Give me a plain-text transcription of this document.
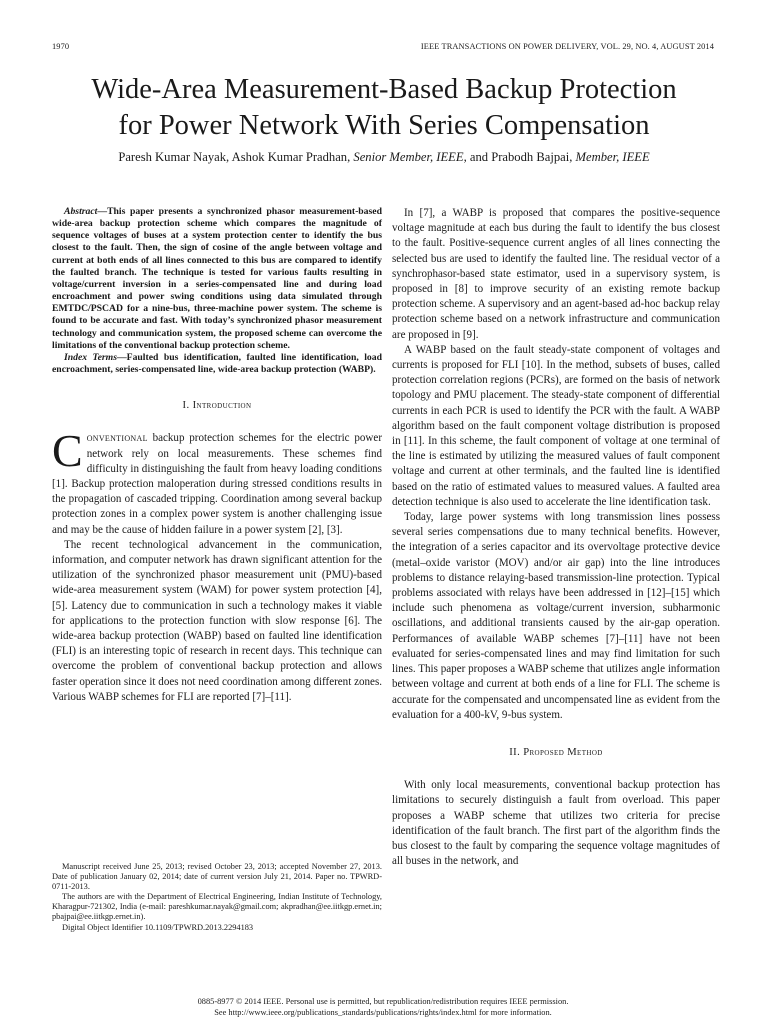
1970	IEEE TRANSACTIONS ON POWER DELIVERY, VOL. 29, NO. 4, AUGUST 2014
Wide-Area Measurement-Based Backup Protection
for Power Network With Series Compensation
Paresh Kumar Nayak, Ashok Kumar Pradhan, Senior Member, IEEE, and Prabodh Bajpai, Member, IEEE

Abstract—This paper presents a synchronized phasor measurement-based wide-area backup protection scheme which compares the magnitude of sequence voltages of buses at a system protection center to identify the bus closest to the fault. Then, the sign of cosine of the angle between voltage and current at both ends of all lines connected to this bus are compared to identify the faulted branch. The technique is tested for various faults resulting in voltage/current inversion in a series-compensated line and during load encroachment and power swing conditions using data simulated through EMTDC/PSCAD for a nine-bus, three-machine power system. The scheme is found to be accurate and fast. With today’s synchronized phasor measurement technology and communication system, the proposed scheme can overcome the limitations of the conventional backup protection scheme.

Index Terms—Faulted bus identification, faulted line identification, load encroachment, series-compensated line, wide-area backup protection (WABP).

I. Introduction

Conventional backup protection schemes for the electric power network rely on local measurements. These schemes find difficulty in distinguishing the fault from heavy loading conditions [1]. Backup protection maloperation during stressed conditions results in the propagation of cascaded tripping. Coordination among several backup protection zones in a complex power system is another challenging issue and may be the cause of hidden failure in a power system [2], [3].

The recent technological advancement in the communication, information, and computer network has drawn significant attention for the utilization of the synchronized phasor measurement unit (PMU)-based wide-area measurement system (WAM) for power system protection [4], [5]. Latency due to communication in such a technology makes it viable for applications to the protection function with slow response [6]. The wide-area backup protection (WABP) based on faulted line identification (FLI) is an interesting topic of research in recent days. This technique can overcome the problem of conventional backup protection and allows faster operation since it does not need coordination among different zones. Various WABP schemes for FLI are reported [7]–[11].

In [7], a WABP is proposed that compares the positive-sequence voltage magnitude at each bus during the fault to identify the bus closest to the fault. Positive-sequence current angles of all lines connecting the selected bus are used to identify the faulted line. The residual vector of a synchrophasor-based state estimator, used in a supervisory system, is proposed in [8] to improve security of an existing remote backup protection scheme. A supervisory and an agent-based ad-hoc backup relay protection scheme based on a network infrastructure and communication are proposed in [9].

A WABP based on the fault steady-state component of voltages and currents is proposed for FLI [10]. In the method, subsets of buses, called protection correlation regions (PCRs), are formed on the basis of network topology and PMU placement. The steady-state component of differential currents in each PCR is used to identify the PCR with the fault. A WABP algorithm based on the fault component voltage distribution is proposed in [11]. In this scheme, the fault component of voltage at one terminal of the line is estimated by utilizing the measured values of fault component voltage and current at other terminals, and the faulted line is identified based on the ratio of estimated values to measured values. A faulted area detection technique is also used to accelerate the line identification task.

Today, large power systems with long transmission lines possess several series compensations due to many technical benefits. However, the integration of a series capacitor and its overvoltage protective device (metal–oxide varistor (MOV) and/or air gap) into the line introduces problems to distance relaying-based transmission-line protection. Typical problems associated with relays have been addressed in [12]–[15] which include such phenomena as voltage/current inversion, subharmonic oscillations, and additional transients caused by the air-gap operation. Performances of available WABP schemes [7]–[11] have not been evaluated for series-compensated lines and may find limitation for such lines. This paper proposes a WABP scheme that utilizes angle information between voltage and current at both ends of a line for FLI. The scheme is accurate for the compensated and uncompensated line as evident from the evaluation for a 400-kV, 9-bus system.

II. Proposed Method

With only local measurements, conventional backup protection has limitations to securely distinguish a fault from overload. This paper proposes a WABP scheme that utilizes two criteria for precise identification of the fault branch. The first part of the algorithm finds the bus closest to the fault by comparing the sequence voltage magnitudes of all buses in the network, and

Manuscript received June 25, 2013; revised October 23, 2013; accepted November 27, 2013. Date of publication January 02, 2014; date of current version July 21, 2014. Paper no. TPWRD-0711-2013.

The authors are with the Department of Electrical Engineering, Indian Institute of Technology, Kharagpur-721302, India (e-mail: pareshkumar.nayak@gmail.com; akpradhan@ee.iitkgp.ernet.in; pbajpai@ee.iitkgp.ernet.in).

Digital Object Identifier 10.1109/TPWRD.2013.2294183

0885-8977 © 2014 IEEE. Personal use is permitted, but republication/redistribution requires IEEE permission.
See http://www.ieee.org/publications_standards/publications/rights/index.html for more information.
